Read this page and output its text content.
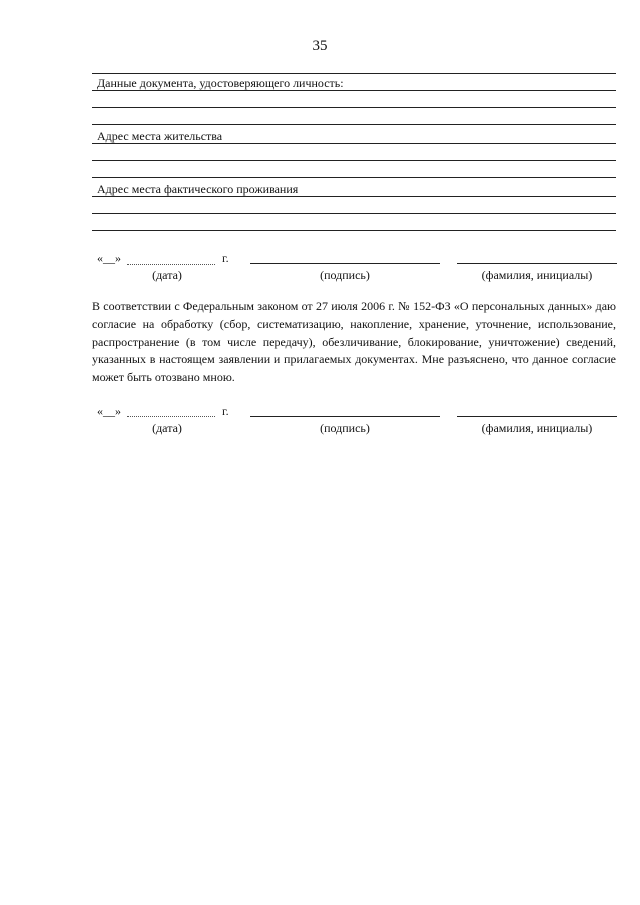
35
Данные документа, удостоверяющего личность:
Адрес места жительства
Адрес места фактического проживания
«__»	г.
(дата)	(подпись)	(фамилия, инициалы)
В соответствии с Федеральным законом от 27 июля 2006 г. № 152-ФЗ «О персональных данных» даю согласие на обработку (сбор, систематизацию, накопление, хранение, уточнение, использование, распространение (в том числе передачу), обезличивание, блокирование, уничтожение) сведений, указанных в настоящем заявлении и прилагаемых документах. Мне разъяснено, что данное согласие может быть отозвано мною.
«__»	г.
(дата)	(подпись)	(фамилия, инициалы)
